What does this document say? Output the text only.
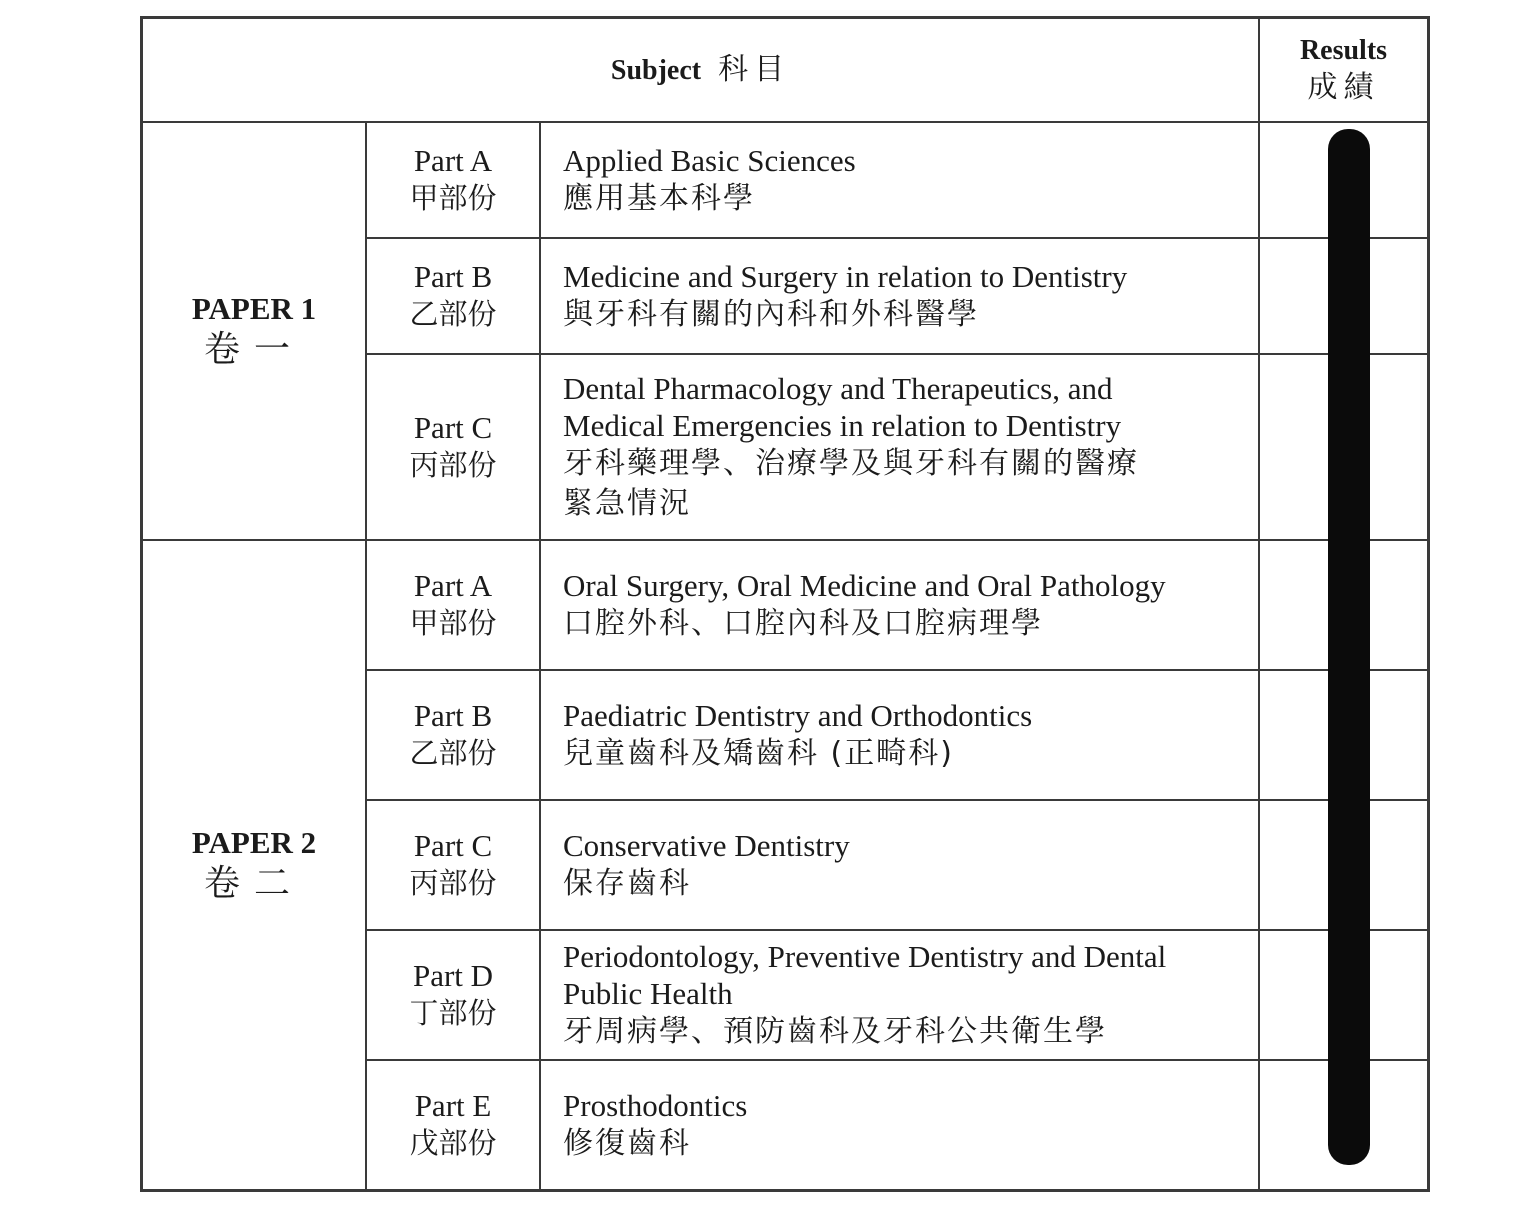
Subject 科目
Results
成績
PAPER 1
卷一
Part A
甲部份
Applied Basic Sciences
應用基本科學
Part B
乙部份
Medicine and Surgery in relation to Dentistry
與牙科有關的內科和外科醫學
Part C
丙部份
Dental Pharmacology and Therapeutics, and
Medical Emergencies in relation to Dentistry
牙科藥理學、治療學及與牙科有關的醫療
緊急情況
PAPER 2
卷二
Part A
甲部份
Oral Surgery, Oral Medicine and Oral Pathology
口腔外科、口腔內科及口腔病理學
Part B
乙部份
Paediatric Dentistry and Orthodontics
兒童齒科及矯齒科 (正畸科)
Part C
丙部份
Conservative Dentistry
保存齒科
Part D
丁部份
Periodontology, Preventive Dentistry and Dental
Public Health
牙周病學、預防齒科及牙科公共衛生學
Part E
戊部份
Prosthodontics
修復齒科
